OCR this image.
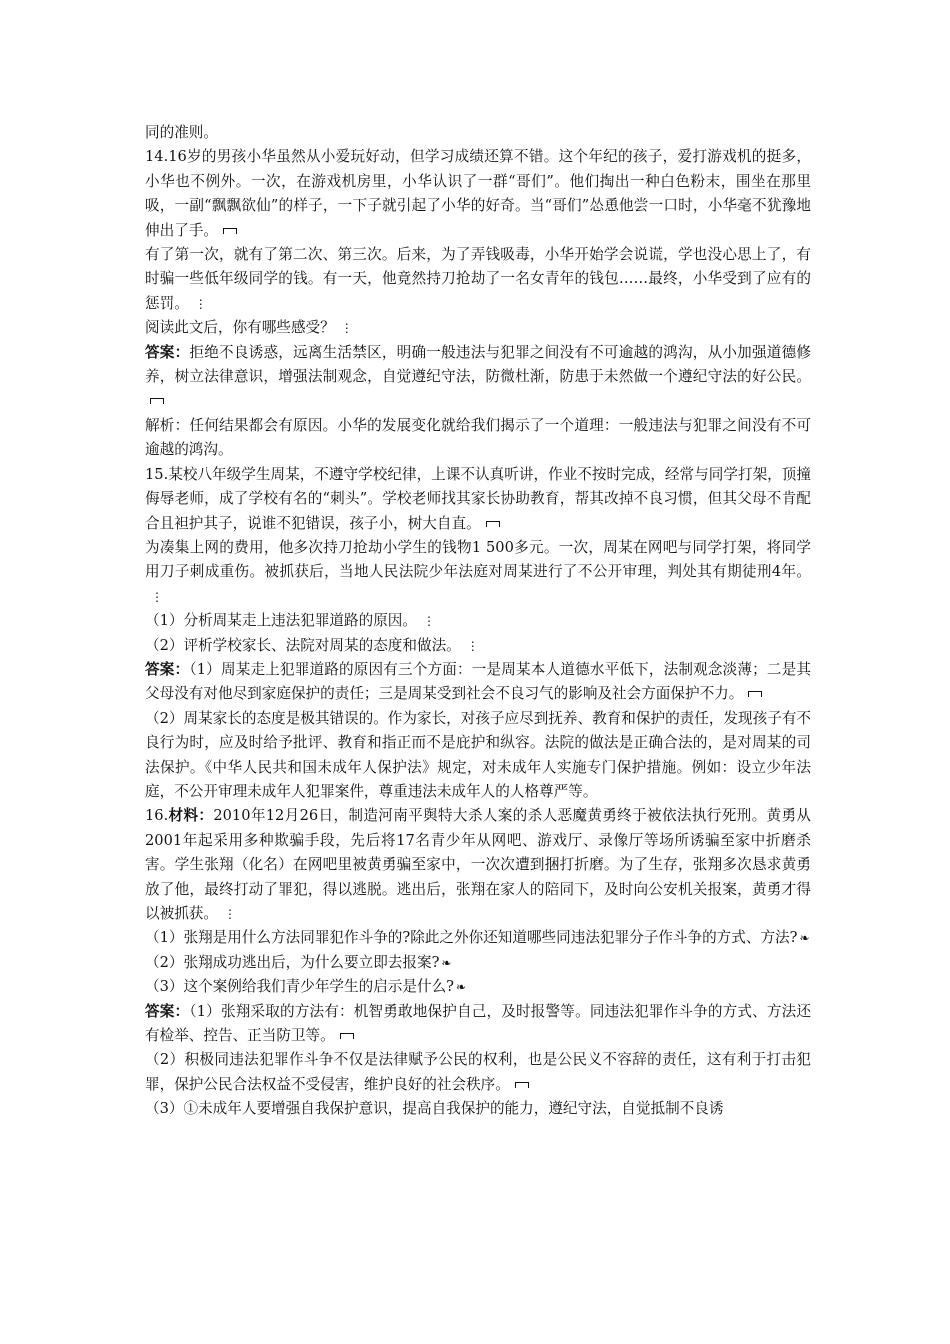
同的准则。

14.16岁的男孩小华虽然从小爱玩好动，但学习成绩还算不错。这个年纪的孩子，爱打游戏机的挺多，小华也不例外。一次，在游戏机房里，小华认识了一群“哥们”。他们掏出一种白色粉末，围坐在那里吸，一副“飘飘欲仙”的样子，一下子就引起了小华的好奇。当“哥们”怂恿他尝一口时，小华毫不犹豫地伸出了手。

有了第一次，就有了第二次、第三次。后来，为了弄钱吸毒，小华开始学会说谎，学也没心思上了，有时骗一些低年级同学的钱。有一天，他竟然持刀抢劫了一名女青年的钱包……最终，小华受到了应有的惩罚。 ⋮

阅读此文后，你有哪些感受？ ⋮

答案：拒绝不良诱惑，远离生活禁区，明确一般违法与犯罪之间没有不可逾越的鸿沟，从小加强道德修养，树立法律意识，增强法制观念，自觉遵纪守法，防微杜渐，防患于未然做一个遵纪守法的好公民。

解析：任何结果都会有原因。小华的发展变化就给我们揭示了一个道理：一般违法与犯罪之间没有不可逾越的鸿沟。

15.某校八年级学生周某，不遵守学校纪律，上课不认真听讲，作业不按时完成，经常与同学打架，顶撞侮辱老师，成了学校有名的“刺头”。学校老师找其家长协助教育，帮其改掉不良习惯，但其父母不肯配合且袒护其子，说谁不犯错误，孩子小，树大自直。

为凑集上网的费用，他多次持刀抢劫小学生的钱物1 500多元。一次，周某在网吧与同学打架，将同学用刀子刺成重伤。被抓获后，当地人民法院少年法庭对周某进行了不公开审理，判处其有期徒刑4年。⋮

（1）分析周某走上违法犯罪道路的原因。 ⋮

（2）评析学校家长、法院对周某的态度和做法。 ⋮

答案：（1）周某走上犯罪道路的原因有三个方面：一是周某本人道德水平低下，法制观念淡薄；二是其父母没有对他尽到家庭保护的责任；三是周某受到社会不良习气的影响及社会方面保护不力。

（2）周某家长的态度是极其错误的。作为家长，对孩子应尽到抚养、教育和保护的责任，发现孩子有不良行为时，应及时给予批评、教育和指正而不是庇护和纵容。法院的做法是正确合法的，是对周某的司法保护。《中华人民共和国未成年人保护法》规定，对未成年人实施专门保护措施。例如：设立少年法庭，不公开审理未成年人犯罪案件，尊重违法未成年人的人格尊严等。

16.材料：2010年12月26日，制造河南平舆特大杀人案的杀人恶魔黄勇终于被依法执行死刑。黄勇从2001年起采用多种欺骗手段，先后将17名青少年从网吧、游戏厅、录像厅等场所诱骗至家中折磨杀害。学生张翔（化名）在网吧里被黄勇骗至家中，一次次遭到捆打折磨。为了生存，张翔多次恳求黄勇放了他，最终打动了罪犯，得以逃脱。逃出后，张翔在家人的陪同下，及时向公安机关报案，黄勇才得以被抓获。 ⋮

（1）张翔是用什么方法同罪犯作斗争的?除此之外你还知道哪些同违法犯罪分子作斗争的方式、方法? ❧

（2）张翔成功逃出后，为什么要立即去报案? ❧

（3）这个案例给我们青少年学生的启示是什么? ❧

答案：（1）张翔采取的方法有：机智勇敢地保护自己，及时报警等。同违法犯罪作斗争的方式、方法还有检举、控告、正当防卫等。

（2）积极同违法犯罪作斗争不仅是法律赋予公民的权利，也是公民义不容辞的责任，这有利于打击犯罪，保护公民合法权益不受侵害，维护良好的社会秩序。

（3）①未成年人要增强自我保护意识，提高自我保护的能力，遵纪守法，自觉抵制不良诱
